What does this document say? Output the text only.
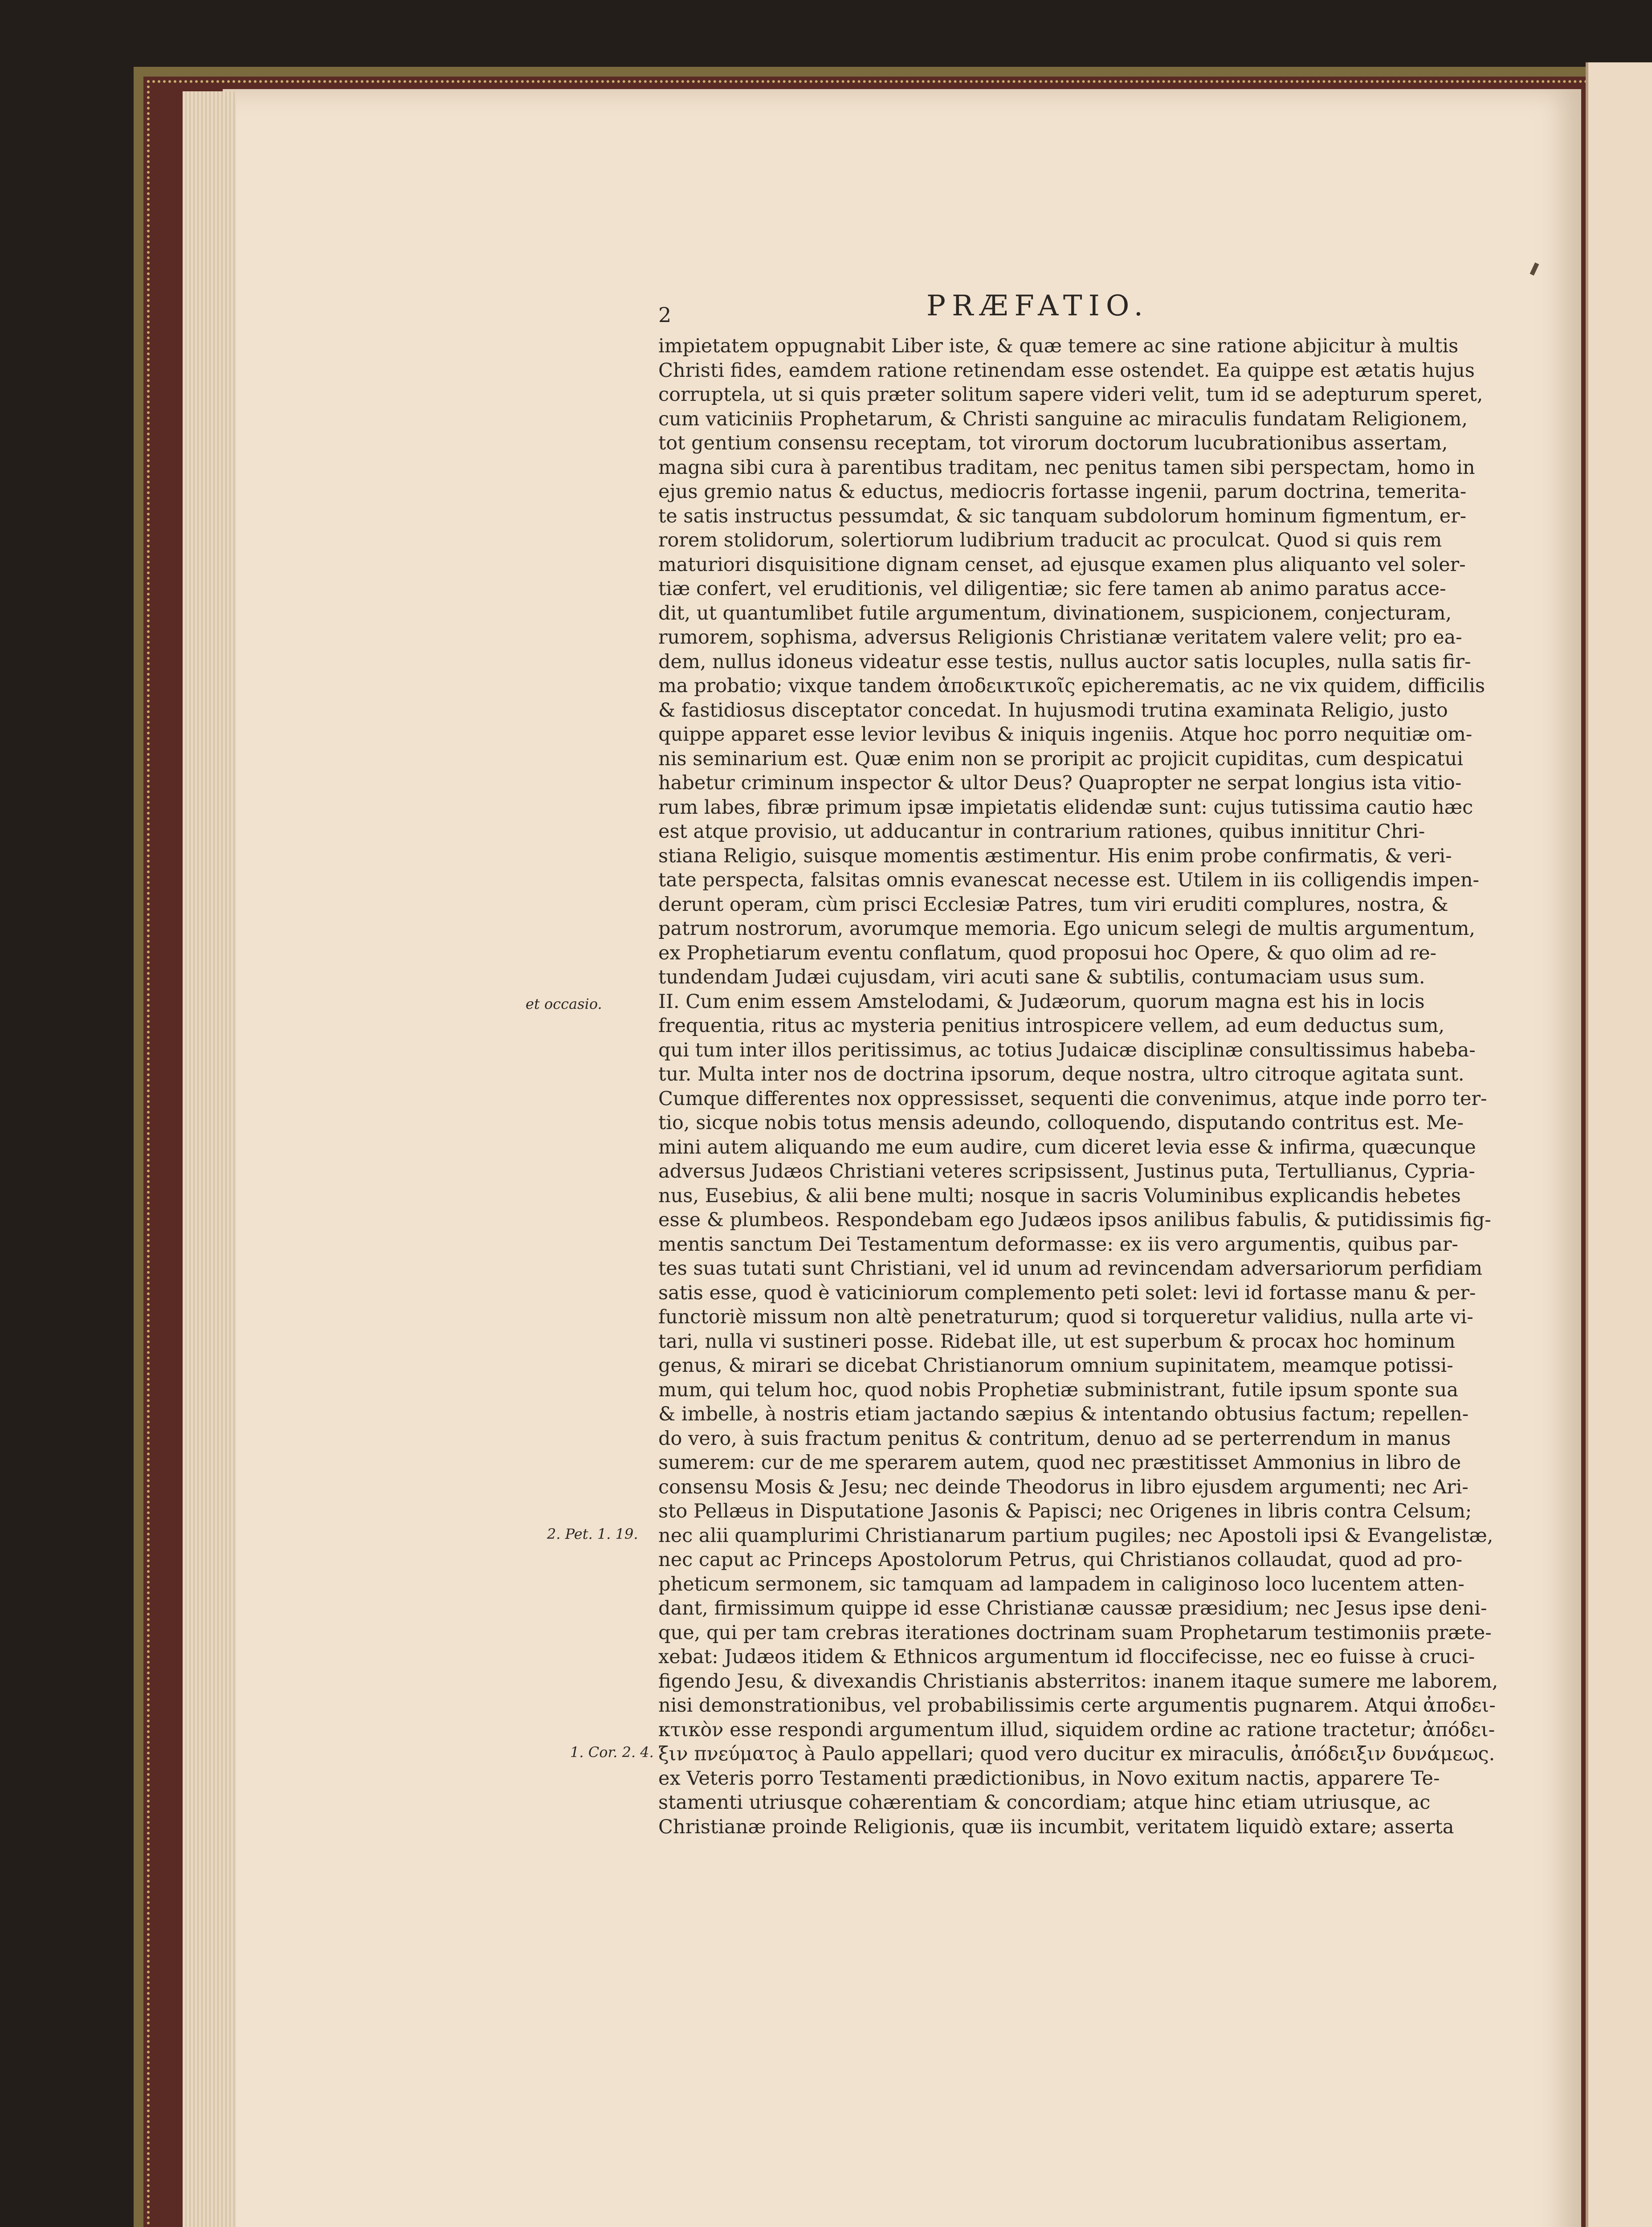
2	PRÆFATIO.
et occasio.
2. Pet. 1. 19.
1. Cor. 2. 4.
impietatem oppugnabit Liber iste, & quæ temere ac sine ratione abjicitur à multis
Christi fides, eamdem ratione retinendam esse ostendet. Ea quippe est ætatis hujus
corruptela, ut si quis præter solitum sapere videri velit, tum id se adepturum speret,
cum vaticiniis Prophetarum, & Christi sanguine ac miraculis fundatam Religionem,
tot gentium consensu receptam, tot virorum doctorum lucubrationibus assertam,
magna sibi cura à parentibus traditam, nec penitus tamen sibi perspectam, homo in
ejus gremio natus & eductus, mediocris fortasse ingenii, parum doctrina, temerita-
te satis instructus pessumdat, & sic tanquam subdolorum hominum figmentum, er-
rorem stolidorum, solertiorum ludibrium traducit ac proculcat. Quod si quis rem
maturiori disquisitione dignam censet, ad ejusque examen plus aliquanto vel soler-
tiæ confert, vel eruditionis, vel diligentiæ; sic fere tamen ab animo paratus acce-
dit, ut quantumlibet futile argumentum, divinationem, suspicionem, conjecturam,
rumorem, sophisma, adversus Religionis Christianæ veritatem valere velit; pro ea-
dem, nullus idoneus videatur esse testis, nullus auctor satis locuples, nulla satis fir-
ma probatio; vixque tandem ἀποδεικτικοῖς epicherematis, ac ne vix quidem, difficilis
& fastidiosus disceptator concedat. In hujusmodi trutina examinata Religio, justo
quippe apparet esse levior levibus & iniquis ingeniis. Atque hoc porro nequitiæ om-
nis seminarium est. Quæ enim non se proripit ac projicit cupiditas, cum despicatui
habetur criminum inspector & ultor Deus? Quapropter ne serpat longius ista vitio-
rum labes, fibræ primum ipsæ impietatis elidendæ sunt: cujus tutissima cautio hæc
est atque provisio, ut adducantur in contrarium rationes, quibus innititur Chri-
stiana Religio, suisque momentis æstimentur. His enim probe confirmatis, & veri-
tate perspecta, falsitas omnis evanescat necesse est. Utilem in iis colligendis impen-
derunt operam, cùm prisci Ecclesiæ Patres, tum viri eruditi complures, nostra, &
patrum nostrorum, avorumque memoria. Ego unicum selegi de multis argumentum,
ex Prophetiarum eventu conflatum, quod proposui hoc Opere, & quo olim ad re-
tundendam Judæi cujusdam, viri acuti sane & subtilis, contumaciam usus sum.
II. Cum enim essem Amstelodami, & Judæorum, quorum magna est his in locis
frequentia, ritus ac mysteria penitius introspicere vellem, ad eum deductus sum,
qui tum inter illos peritissimus, ac totius Judaicæ disciplinæ consultissimus habeba-
tur. Multa inter nos de doctrina ipsorum, deque nostra, ultro citroque agitata sunt.
Cumque differentes nox oppressisset, sequenti die convenimus, atque inde porro ter-
tio, sicque nobis totus mensis adeundo, colloquendo, disputando contritus est. Me-
mini autem aliquando me eum audire, cum diceret levia esse & infirma, quæcunque
adversus Judæos Christiani veteres scripsissent, Justinus puta, Tertullianus, Cypria-
nus, Eusebius, & alii bene multi; nosque in sacris Voluminibus explicandis hebetes
esse & plumbeos. Respondebam ego Judæos ipsos anilibus fabulis, & putidissimis fig-
mentis sanctum Dei Testamentum deformasse: ex iis vero argumentis, quibus par-
tes suas tutati sunt Christiani, vel id unum ad revincendam adversariorum perfidiam
satis esse, quod è vaticiniorum complemento peti solet: levi id fortasse manu & per-
functoriè missum non altè penetraturum; quod si torqueretur validius, nulla arte vi-
tari, nulla vi sustineri posse. Ridebat ille, ut est superbum & procax hoc hominum
genus, & mirari se dicebat Christianorum omnium supinitatem, meamque potissi-
mum, qui telum hoc, quod nobis Prophetiæ subministrant, futile ipsum sponte sua
& imbelle, à nostris etiam jactando sæpius & intentando obtusius factum; repellen-
do vero, à suis fractum penitus & contritum, denuo ad se perterrendum in manus
sumerem: cur de me sperarem autem, quod nec præstitisset Ammonius in libro de
consensu Mosis & Jesu; nec deinde Theodorus in libro ejusdem argumenti; nec Ari-
sto Pellæus in Disputatione Jasonis & Papisci; nec Origenes in libris contra Celsum;
nec alii quamplurimi Christianarum partium pugiles; nec Apostoli ipsi & Evangelistæ,
nec caput ac Princeps Apostolorum Petrus, qui Christianos collaudat, quod ad pro-
pheticum sermonem, sic tamquam ad lampadem in caliginoso loco lucentem atten-
dant, firmissimum quippe id esse Christianæ caussæ præsidium; nec Jesus ipse deni-
que, qui per tam crebras iterationes doctrinam suam Prophetarum testimoniis præte-
xebat: Judæos itidem & Ethnicos argumentum id floccifecisse, nec eo fuisse à cruci-
figendo Jesu, & divexandis Christianis absterritos: inanem itaque sumere me laborem,
nisi demonstrationibus, vel probabilissimis certe argumentis pugnarem. Atqui ἀποδει-
κτικὸν esse respondi argumentum illud, siquidem ordine ac ratione tractetur; ἀπόδει-
ξιν πνεύματος à Paulo appellari; quod vero ducitur ex miraculis, ἀπόδειξιν δυνάμεως.
ex Veteris porro Testamenti prædictionibus, in Novo exitum nactis, apparere Te-
stamenti utriusque cohærentiam & concordiam; atque hinc etiam utriusque, ac
Christianæ proinde Religionis, quæ iis incumbit, veritatem liquidò extare; asserta
